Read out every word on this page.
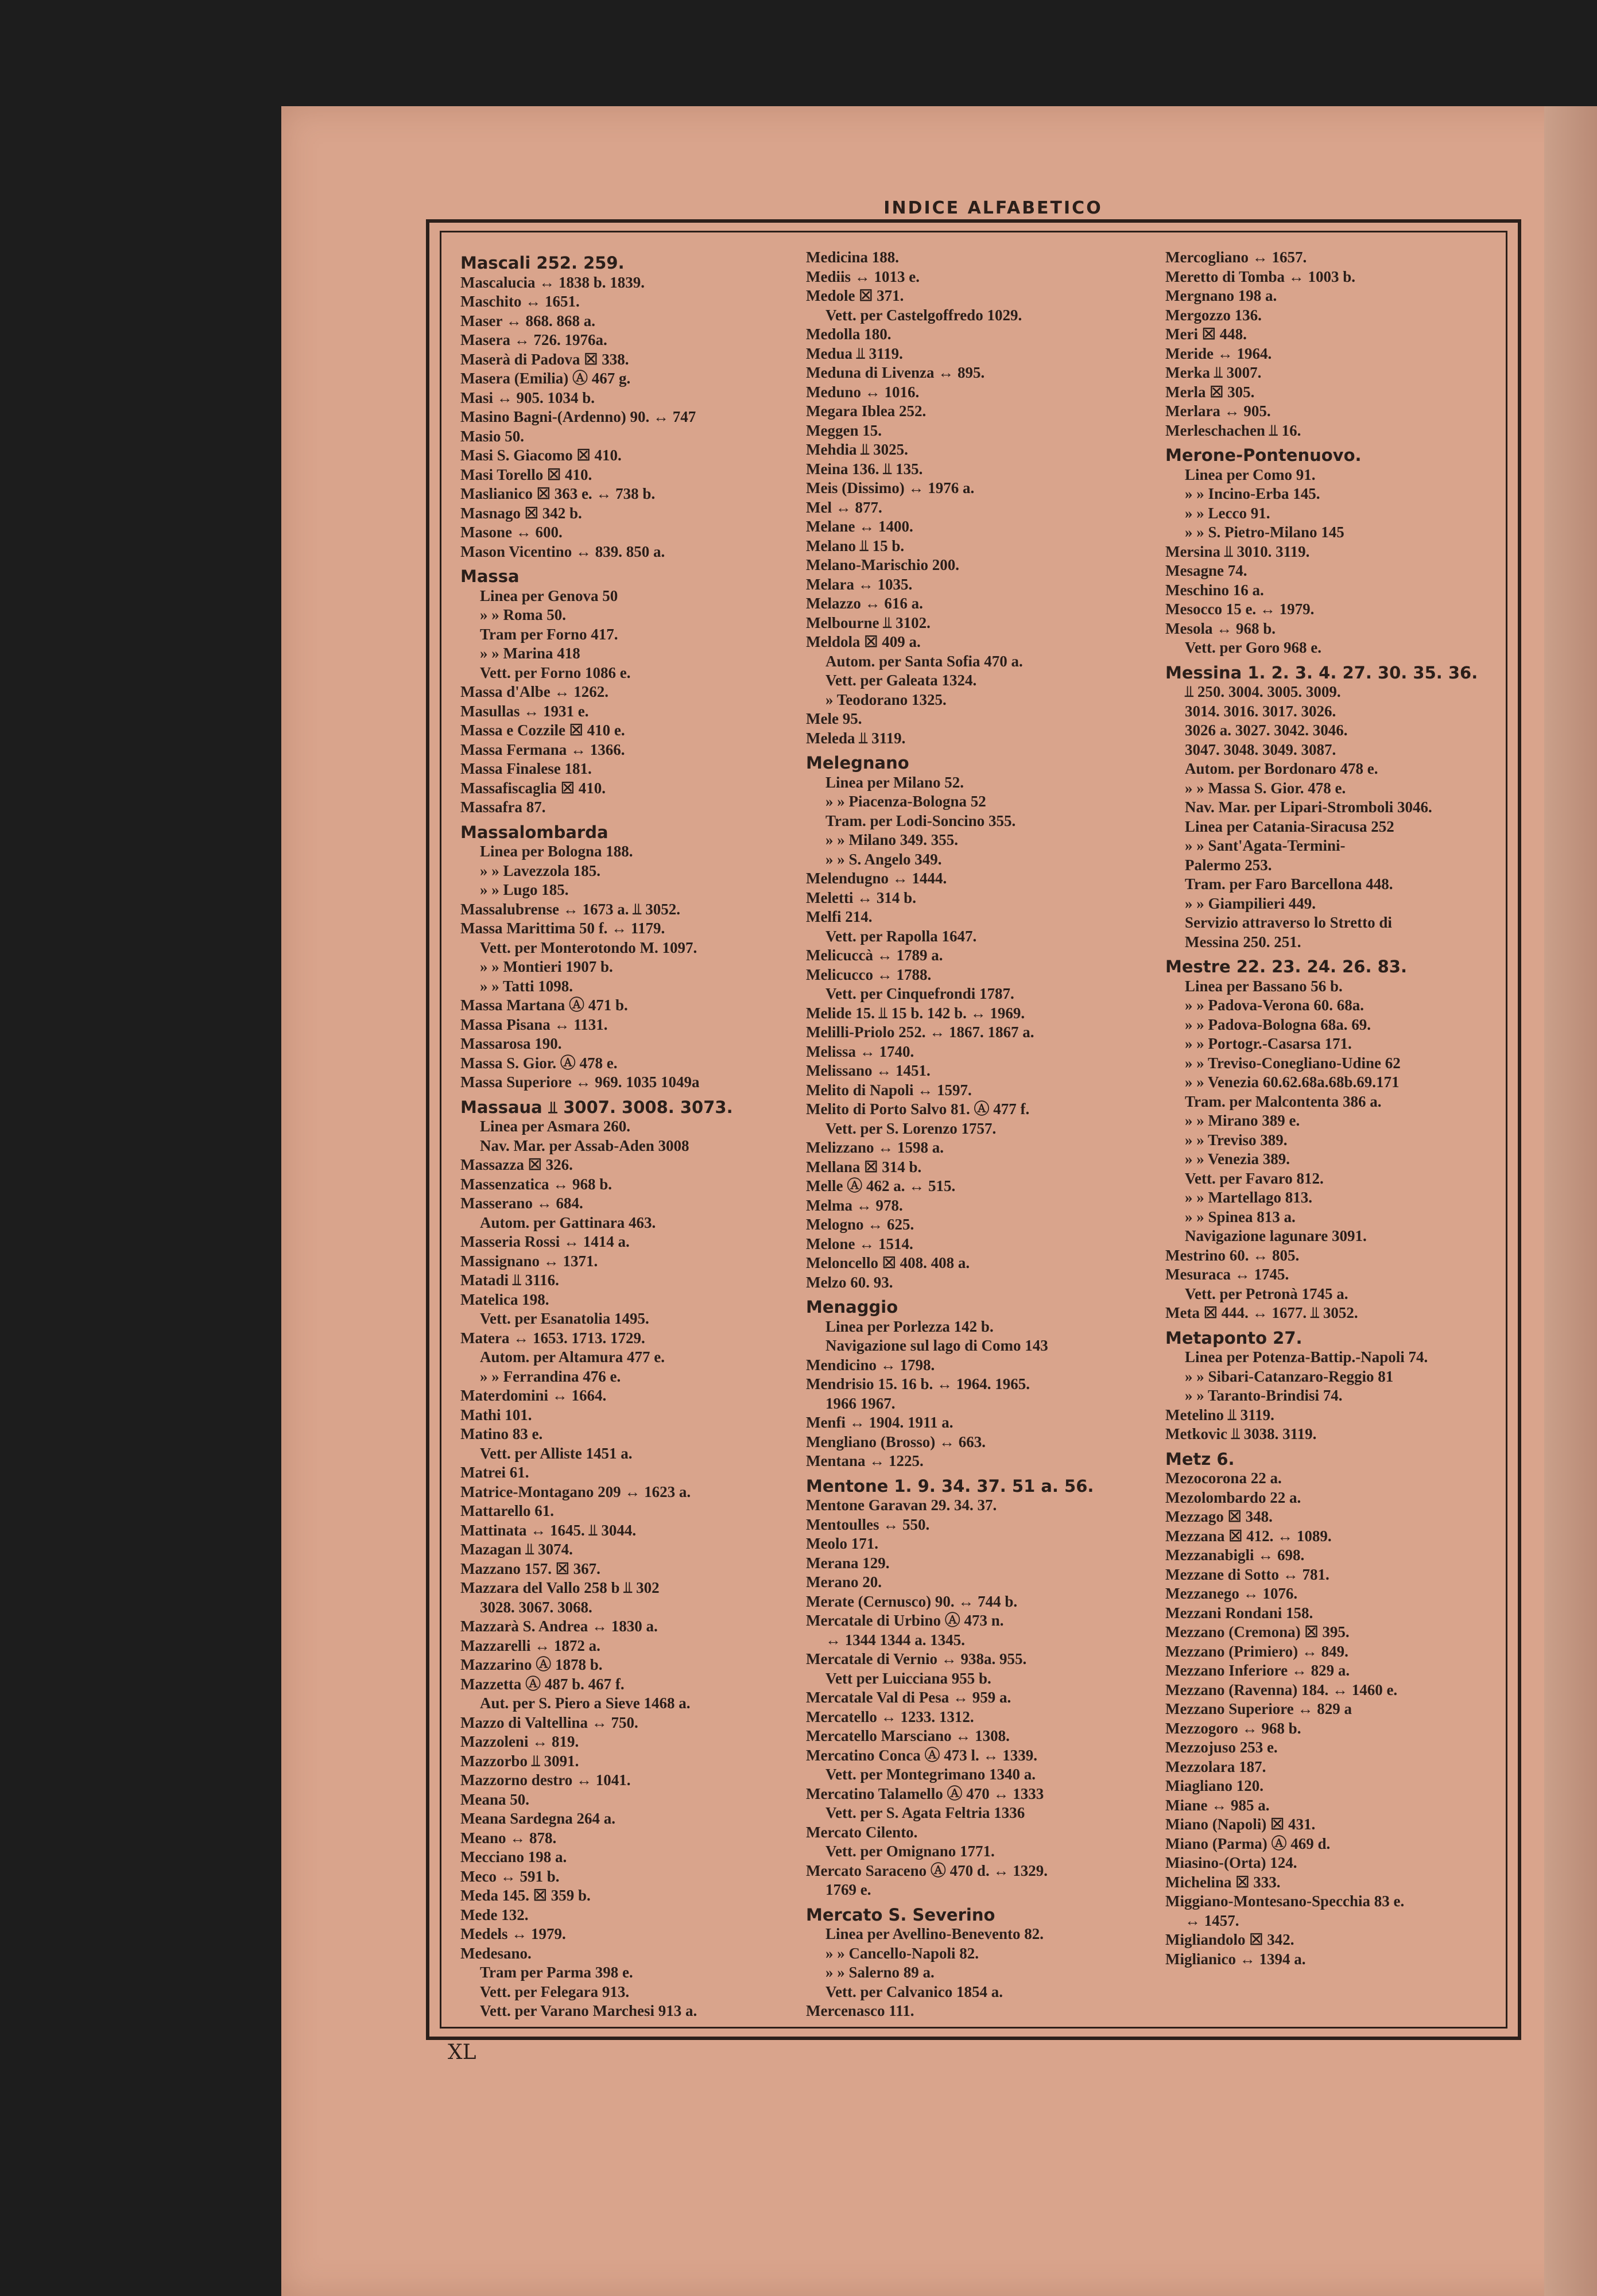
INDICE ALFABETICO

Mascali 252. 259.

Mascalucia ↔ 1838 b. 1839.

Maschito ↔ 1651.

Maser ↔ 868. 868 a.

Masera ↔ 726. 1976a.

Maserà di Padova ☒ 338.

Masera (Emilia) Ⓐ 467 g.

Masi ↔ 905. 1034 b.

Masino Bagni-(Ardenno) 90. ↔ 747

Masio 50.

Masi S. Giacomo ☒ 410.

Masi Torello ☒ 410.

Maslianico ☒ 363 e. ↔ 738 b.

Masnago ☒ 342 b.

Masone ↔ 600.

Mason Vicentino ↔ 839. 850 a.

Massa

Linea per Genova 50

» » Roma 50.

Tram per Forno 417.

» » Marina 418

Vett. per Forno 1086 e.

Massa d'Albe ↔ 1262.

Masullas ↔ 1931 e.

Massa e Cozzile ☒ 410 e.

Massa Fermana ↔ 1366.

Massa Finalese 181.

Massafiscaglia ☒ 410.

Massafra 87.

Massalombarda

Linea per Bologna 188.

» » Lavezzola 185.

» » Lugo 185.

Massalubrense ↔ 1673 a. ⫫ 3052.

Massa Marittima 50 f. ↔ 1179.

Vett. per Monterotondo M. 1097.

» » Montieri 1907 b.

» » Tatti 1098.

Massa Martana Ⓐ 471 b.

Massa Pisana ↔ 1131.

Massarosa 190.

Massa S. Gior. Ⓐ 478 e.

Massa Superiore ↔ 969. 1035 1049a

Massaua ⫫ 3007. 3008. 3073.

Linea per Asmara 260.

Nav. Mar. per Assab-Aden 3008

Massazza ☒ 326.

Massenzatica ↔ 968 b.

Masserano ↔ 684.

Autom. per Gattinara 463.

Masseria Rossi ↔ 1414 a.

Massignano ↔ 1371.

Matadi ⫫ 3116.

Matelica 198.

Vett. per Esanatolia 1495.

Matera ↔ 1653. 1713. 1729.

Autom. per Altamura 477 e.

» » Ferrandina 476 e.

Materdomini ↔ 1664.

Mathi 101.

Matino 83 e.

Vett. per Alliste 1451 a.

Matrei 61.

Matrice-Montagano 209 ↔ 1623 a.

Mattarello 61.

Mattinata ↔ 1645. ⫫ 3044.

Mazagan ⫫ 3074.

Mazzano 157. ☒ 367.

Mazzara del Vallo 258 b ⫫ 302

3028. 3067. 3068.

Mazzarà S. Andrea ↔ 1830 a.

Mazzarelli ↔ 1872 a.

Mazzarino Ⓐ 1878 b.

Mazzetta Ⓐ 487 b. 467 f.

Aut. per S. Piero a Sieve 1468 a.

Mazzo di Valtellina ↔ 750.

Mazzoleni ↔ 819.

Mazzorbo ⫫ 3091.

Mazzorno destro ↔ 1041.

Meana 50.

Meana Sardegna 264 a.

Meano ↔ 878.

Mecciano 198 a.

Meco ↔ 591 b.

Meda 145. ☒ 359 b.

Mede 132.

Medels ↔ 1979.

Medesano.

Tram per Parma 398 e.

Vett. per Felegara 913.

Vett. per Varano Marchesi 913 a.

Medicina 188.

Mediis ↔ 1013 e.

Medole ☒ 371.

Vett. per Castelgoffredo 1029.

Medolla 180.

Medua ⫫ 3119.

Meduna di Livenza ↔ 895.

Meduno ↔ 1016.

Megara Iblea 252.

Meggen 15.

Mehdia ⫫ 3025.

Meina 136. ⫫ 135.

Meis (Dissimo) ↔ 1976 a.

Mel ↔ 877.

Melane ↔ 1400.

Melano ⫫ 15 b.

Melano-Marischio 200.

Melara ↔ 1035.

Melazzo ↔ 616 a.

Melbourne ⫫ 3102.

Meldola ☒ 409 a.

Autom. per Santa Sofia 470 a.

Vett. per Galeata 1324.

» Teodorano 1325.

Mele 95.

Meleda ⫫ 3119.

Melegnano

Linea per Milano 52.

» » Piacenza-Bologna 52

Tram. per Lodi-Soncino 355.

» » Milano 349. 355.

» » S. Angelo 349.

Melendugno ↔ 1444.

Meletti ↔ 314 b.

Melfi 214.

Vett. per Rapolla 1647.

Melicuccà ↔ 1789 a.

Melicucco ↔ 1788.

Vett. per Cinquefrondi 1787.

Melide 15. ⫫ 15 b. 142 b. ↔ 1969.

Melilli-Priolo 252. ↔ 1867. 1867 a.

Melissa ↔ 1740.

Melissano ↔ 1451.

Melito di Napoli ↔ 1597.

Melito di Porto Salvo 81. Ⓐ 477 f.

Vett. per S. Lorenzo 1757.

Melizzano ↔ 1598 a.

Mellana ☒ 314 b.

Melle Ⓐ 462 a. ↔ 515.

Melma ↔ 978.

Melogno ↔ 625.

Melone ↔ 1514.

Meloncello ☒ 408. 408 a.

Melzo 60. 93.

Menaggio

Linea per Porlezza 142 b.

Navigazione sul lago di Como 143

Mendicino ↔ 1798.

Mendrisio 15. 16 b. ↔ 1964. 1965.

1966 1967.

Menfi ↔ 1904. 1911 a.

Mengliano (Brosso) ↔ 663.

Mentana ↔ 1225.

Mentone 1. 9. 34. 37. 51 a. 56.

Mentone Garavan 29. 34. 37.

Mentoulles ↔ 550.

Meolo 171.

Merana 129.

Merano 20.

Merate (Cernusco) 90. ↔ 744 b.

Mercatale di Urbino Ⓐ 473 n.

↔ 1344 1344 a. 1345.

Mercatale di Vernio ↔ 938a. 955.

Vett per Luicciana 955 b.

Mercatale Val di Pesa ↔ 959 a.

Mercatello ↔ 1233. 1312.

Mercatello Marsciano ↔ 1308.

Mercatino Conca Ⓐ 473 l. ↔ 1339.

Vett. per Montegrimano 1340 a.

Mercatino Talamello Ⓐ 470 ↔ 1333

Vett. per S. Agata Feltria 1336

Mercato Cilento.

Vett. per Omignano 1771.

Mercato Saraceno Ⓐ 470 d. ↔ 1329.

1769 e.

Mercato S. Severino

Linea per Avellino-Benevento 82.

» » Cancello-Napoli 82.

» » Salerno 89 a.

Vett. per Calvanico 1854 a.

Mercenasco 111.

Mercogliano ↔ 1657.

Meretto di Tomba ↔ 1003 b.

Mergnano 198 a.

Mergozzo 136.

Meri ☒ 448.

Meride ↔ 1964.

Merka ⫫ 3007.

Merla ☒ 305.

Merlara ↔ 905.

Merleschachen ⫫ 16.

Merone-Pontenuovo.

Linea per Como 91.

» » Incino-Erba 145.

» » Lecco 91.

» » S. Pietro-Milano 145

Mersina ⫫ 3010. 3119.

Mesagne 74.

Meschino 16 a.

Mesocco 15 e. ↔ 1979.

Mesola ↔ 968 b.

Vett. per Goro 968 e.

Messina 1. 2. 3. 4. 27. 30. 35. 36.

⫫ 250. 3004. 3005. 3009.

3014. 3016. 3017. 3026.

3026 a. 3027. 3042. 3046.

3047. 3048. 3049. 3087.

Autom. per Bordonaro 478 e.

» » Massa S. Gior. 478 e.

Nav. Mar. per Lipari-Stromboli 3046.

Linea per Catania-Siracusa 252

» » Sant'Agata-Termini-

Palermo 253.

Tram. per Faro Barcellona 448.

» » Giampilieri 449.

Servizio attraverso lo Stretto di

Messina 250. 251.

Mestre 22. 23. 24. 26. 83.

Linea per Bassano 56 b.

» » Padova-Verona 60. 68a.

» » Padova-Bologna 68a. 69.

» » Portogr.-Casarsa 171.

» » Treviso-Conegliano-Udine 62

» » Venezia 60.62.68a.68b.69.171

Tram. per Malcontenta 386 a.

» » Mirano 389 e.

» » Treviso 389.

» » Venezia 389.

Vett. per Favaro 812.

» » Martellago 813.

» » Spinea 813 a.

Navigazione lagunare 3091.

Mestrino 60. ↔ 805.

Mesuraca ↔ 1745.

Vett. per Petronà 1745 a.

Meta ☒ 444. ↔ 1677. ⫫ 3052.

Metaponto 27.

Linea per Potenza-Battip.-Napoli 74.

» » Sibari-Catanzaro-Reggio 81

» » Taranto-Brindisi 74.

Metelino ⫫ 3119.

Metkovic ⫫ 3038. 3119.

Metz 6.

Mezocorona 22 a.

Mezolombardo 22 a.

Mezzago ☒ 348.

Mezzana ☒ 412. ↔ 1089.

Mezzanabigli ↔ 698.

Mezzane di Sotto ↔ 781.

Mezzanego ↔ 1076.

Mezzani Rondani 158.

Mezzano (Cremona) ☒ 395.

Mezzano (Primiero) ↔ 849.

Mezzano Inferiore ↔ 829 a.

Mezzano (Ravenna) 184. ↔ 1460 e.

Mezzano Superiore ↔ 829 a

Mezzogoro ↔ 968 b.

Mezzojuso 253 e.

Mezzolara 187.

Miagliano 120.

Miane ↔ 985 a.

Miano (Napoli) ☒ 431.

Miano (Parma) Ⓐ 469 d.

Miasino-(Orta) 124.

Michelina ☒ 333.

Miggiano-Montesano-Specchia 83 e.

↔ 1457.

Migliandolo ☒ 342.

Miglianico ↔ 1394 a.

XL
